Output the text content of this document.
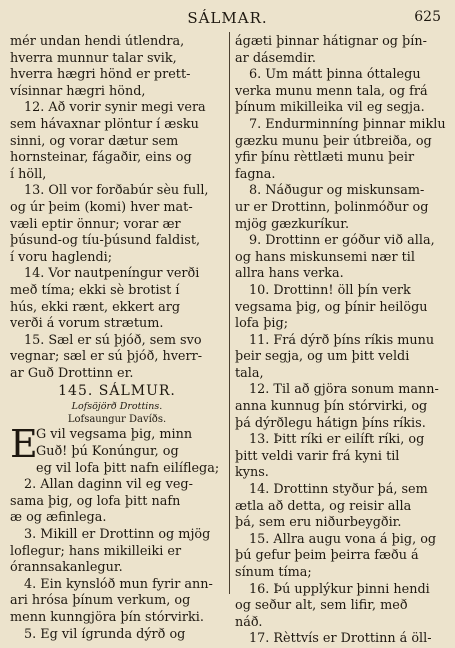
SÁLMAR.	625
mér undan hendi útlendra,
hverra munnur talar svik,
hverra hægri hönd er prett-
vísinnar hægri hönd,
12. Að vorir synir megi vera
sem hávaxnar plöntur í æsku
sinni, og vorar dætur sem
hornsteinar, fágaðir, eins og
í höll,
13. Öll vor forðabúr sèu full,
og úr þeim (komi) hver mat-
væli eptir önnur; vorar ær
þúsund-og tíu-þúsund faldist,
í voru haglendi;
14. Vor nautpeníngur verði
með tíma; ekki sè brotist í
hús, ekki rænt, ekkert arg
verði á vorum strætum.
15. Sæl er sú þjóð, sem svo
vegnar; sæl er sú þjóð, hverr-
ar Guð Drottinn er.
145. SÁLMUR.
Lofsöjörð Drottins.
Lofsaungur Davíðs.
E
G vil vegsama þig, minn
Guð! þú Konúngur, og
eg vil lofa þitt nafn eilíflega;
2. Allan daginn vil eg veg-
sama þig, og lofa þitt nafn
æ og æfinlega.
3. Mikill er Drottinn og mjög
loflegur; hans mikilleiki er
órannsakanlegur.
4. Ein kynslóð mun fyrir ann-
ari hrósa þínum verkum, og
menn kunngjöra þín stórvirki.
5. Eg vil ígrunda dýrð og
ágæti þinnar hátignar og þín-
ar dásemdir.
6. Um mátt þinna óttalegu
verka munu menn tala, og frá
þínum mikilleika vil eg segja.
7. Endurminníng þinnar miklu
gæzku munu þeir útbreiða, og
yfir þínu rèttlæti munu þeir
fagna.
8. Náðugur og miskunsam-
ur er Drottinn, þolinmóður og
mjög gæzkuríkur.
9. Drottinn er góður við alla,
og hans miskunsemi nær til
allra hans verka.
10. Drottinn! öll þín verk
vegsama þig, og þínir heilögu
lofa þig;
11. Frá dýrð þíns ríkis munu
þeir segja, og um þitt veldi
tala,
12. Til að gjöra sonum mann-
anna kunnug þín stórvirki, og
þá dýrðlegu hátign þíns ríkis.
13. Þitt ríki er eilíft ríki, og
þitt veldi varir frá kyni til
kyns.
14. Drottinn styður þá, sem
ætla að detta, og reisir alla
þá, sem eru niðurbeygðir.
15. Allra augu vona á þig, og
þú gefur þeim þeirra fæðu á
sínum tíma;
16. Þú upplýkur þinni hendi
og seður alt, sem lifir, með
náð.
17. Rèttvís er Drottinn á öll-
